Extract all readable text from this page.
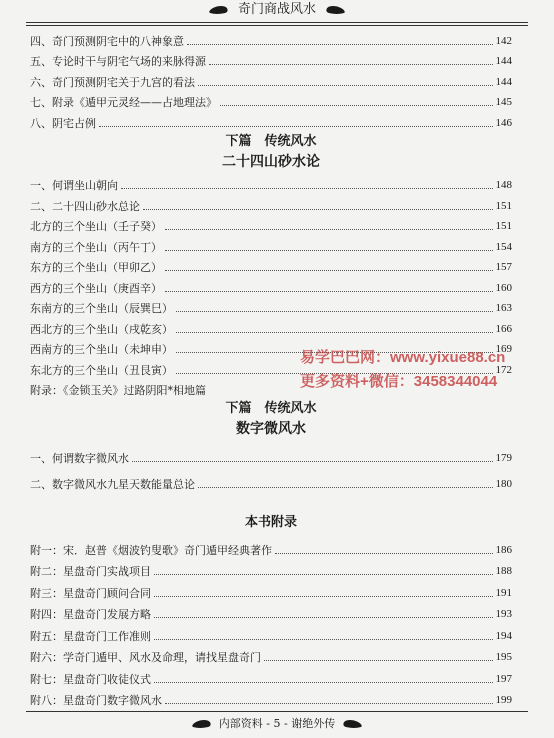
奇门商战风水
四、奇门预测阴宅中的八神象意	142
五、专论时干与阴宅气场的来脉得源	144
六、奇门预测阴宅关于九宫的看法	144
七、附录《遁甲元灵经——占地理法》	145
八、阴宅占例	146
下篇　传统风水
二十四山砂水论
一、何谓坐山朝向	148
二、二十四山砂水总论	151
北方的三个坐山（壬子癸）	151
南方的三个坐山（丙午丁）	154
东方的三个坐山（甲卯乙）	157
西方的三个坐山（庚酉辛）	160
东南方的三个坐山（辰巽巳）	163
西北方的三个坐山（戌乾亥）	166
西南方的三个坐山（未坤申）	169
东北方的三个坐山（丑艮寅）	172
附录：《金锁玉关》过路阴阳*相地篇
下篇　传统风水
数字微风水
一、何谓数字微风水	179
二、数字微风水九星天数能量总论	180
本书附录
附一：宋．赵普《烟波钓叟歌》奇门遁甲经典著作	186
附二：星盘奇门实战项目	188
附三：星盘奇门顾问合同	191
附四：星盘奇门发展方略	193
附五：星盘奇门工作准则	194
附六：学奇门遁甲、风水及命理，请找星盘奇门	195
附七：星盘奇门收徒仪式	197
附八：星盘奇门数字微风水	199
易学巴巴网：www.yixue88.cn
更多资料+微信：3458344044
内部资料 - 5 - 谢绝外传
